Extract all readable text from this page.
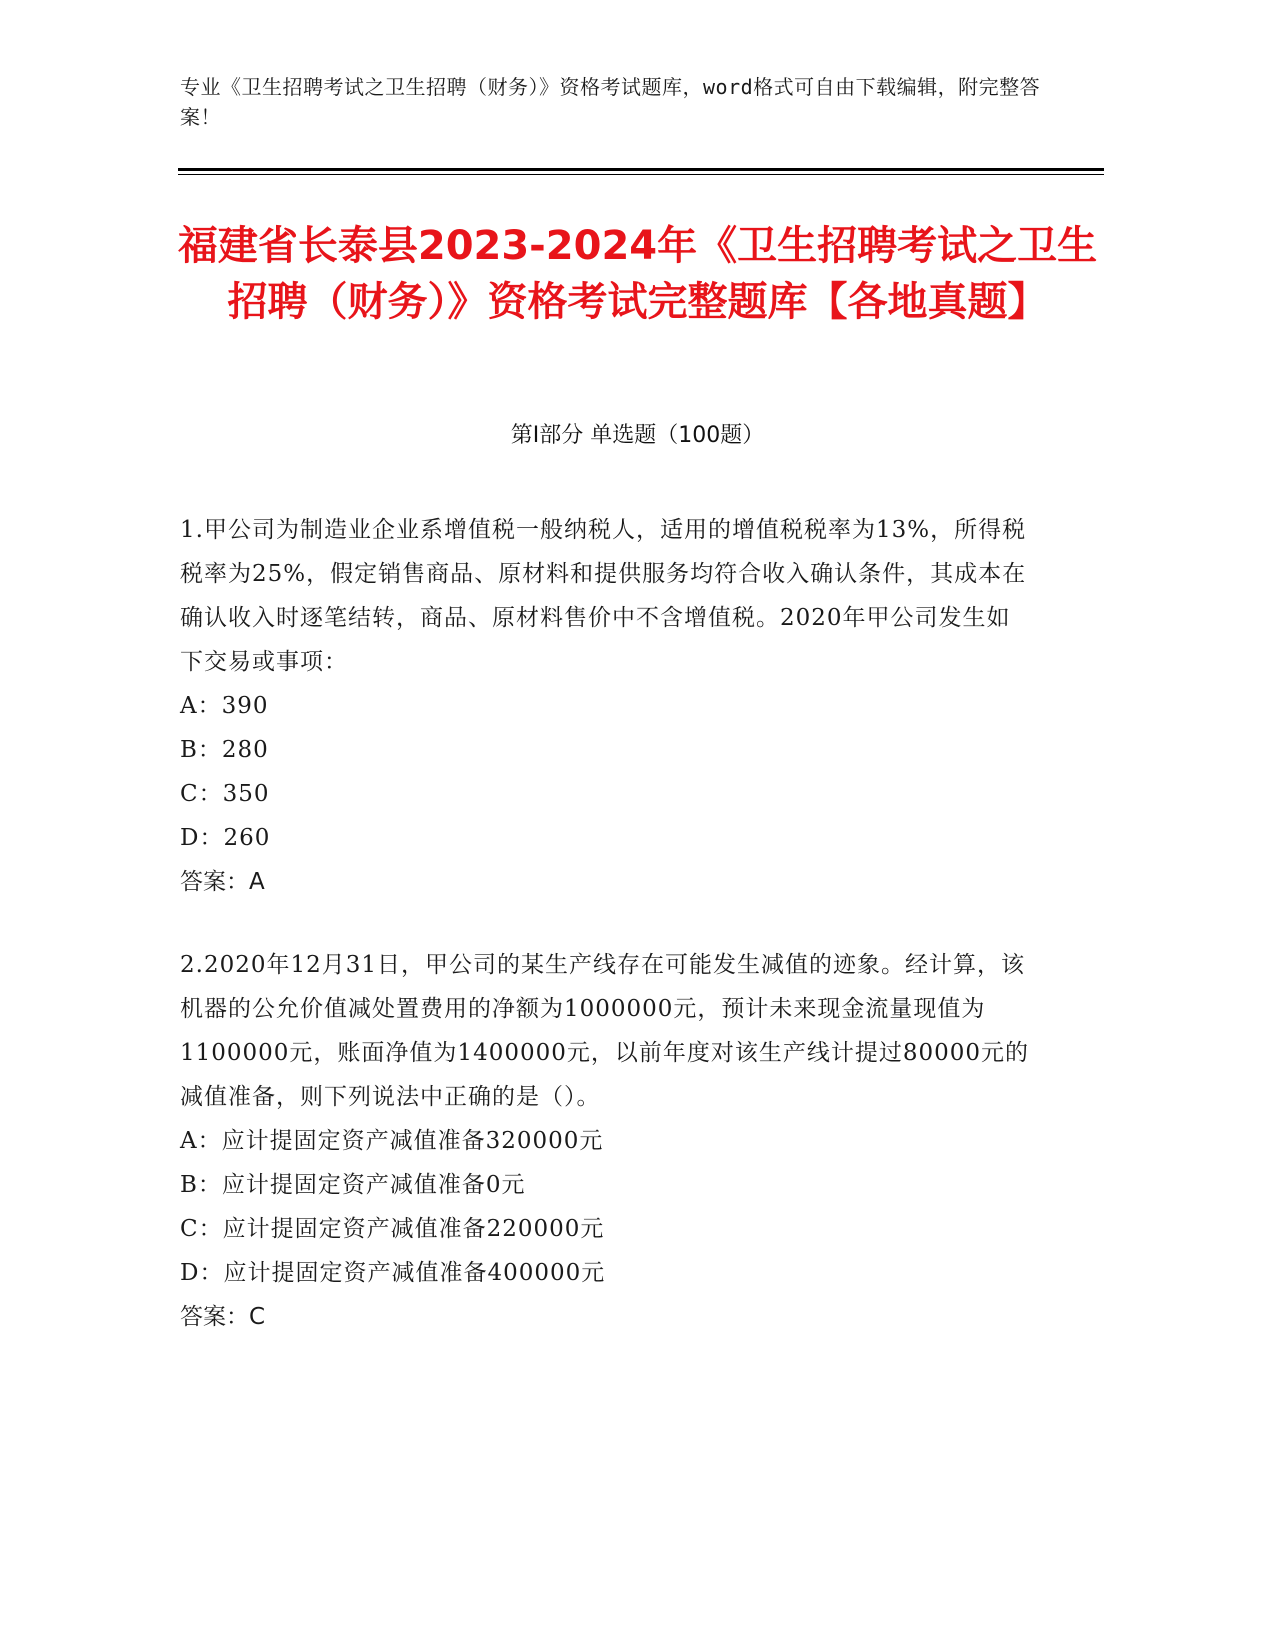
专业《卫生招聘考试之卫生招聘（财务）》资格考试题库，word格式可自由下载编辑，附完整答案！
福建省长泰县2023-2024年《卫生招聘考试之卫生招聘（财务）》资格考试完整题库【各地真题】
第I部分 单选题（100题）

1.甲公司为制造业企业系增值税一般纳税人，适用的增值税税率为13%，所得税税率为25%，假定销售商品、原材料和提供服务均符合收入确认条件，其成本在确认收入时逐笔结转，商品、原材料售价中不含增值税。2020年甲公司发生如下交易或事项：

A：390

B：280

C：350

D：260

答案：A

2.2020年12月31日，甲公司的某生产线存在可能发生减值的迹象。经计算，该机器的公允价值减处置费用的净额为1000000元，预计未来现金流量现值为1100000元，账面净值为1400000元，以前年度对该生产线计提过80000元的减值准备，则下列说法中正确的是（）。

A：应计提固定资产减值准备320000元

B：应计提固定资产减值准备0元

C：应计提固定资产减值准备220000元

D：应计提固定资产减值准备400000元

答案：C
